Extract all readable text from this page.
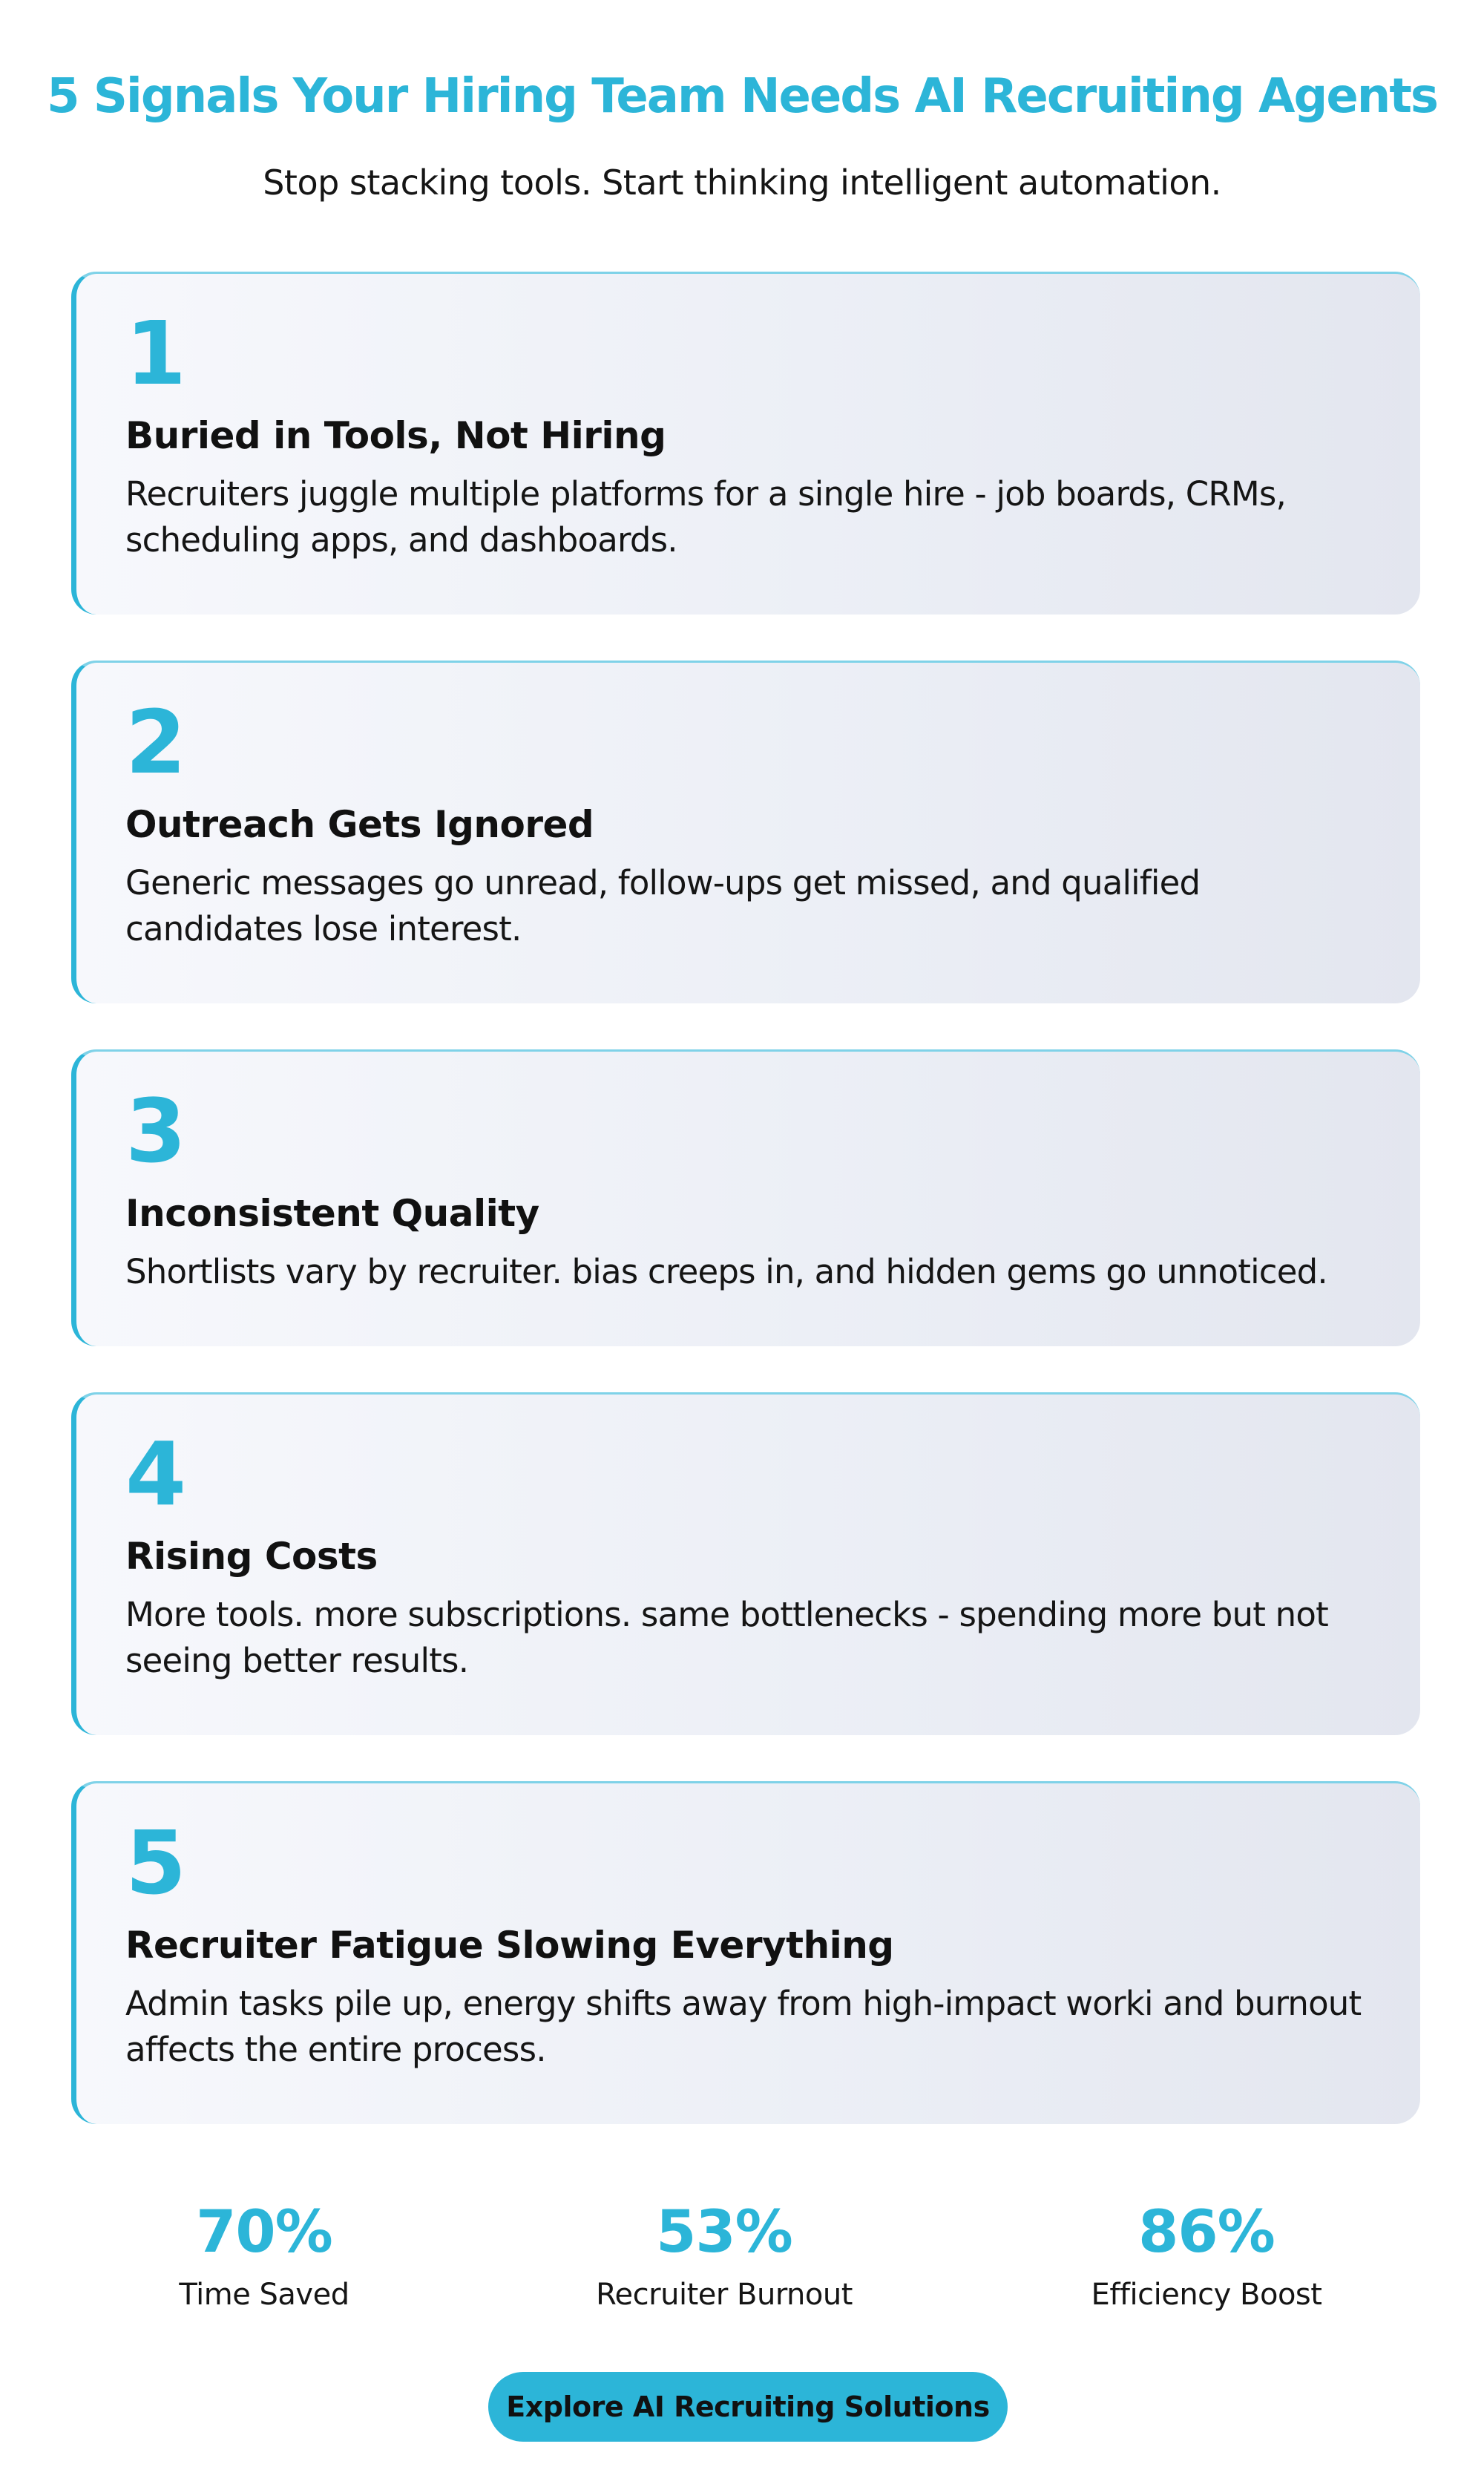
5 Signals Your Hiring Team Needs AI Recruiting Agents

Stop stacking tools. Start thinking intelligent automation.

1
Buried in Tools, Not Hiring

Recruiters juggle multiple platforms for a single hire - job boards, CRMs, scheduling apps, and dashboards.

2
Outreach Gets Ignored

Generic messages go unread, follow-ups get missed, and qualified candidates lose interest.

3
Inconsistent Quality

Shortlists vary by recruiter. bias creeps in, and hidden gems go unnoticed.

4
Rising Costs

More tools. more subscriptions. same bottlenecks - spending more but not seeing better results.

5
Recruiter Fatigue Slowing Everything

Admin tasks pile up, energy shifts away from high-impact worki and burnout affects the entire process.

70%
Time Saved
53%
Recruiter Burnout
86%
Efficiency Boost
Explore AI Recruiting Solutions
